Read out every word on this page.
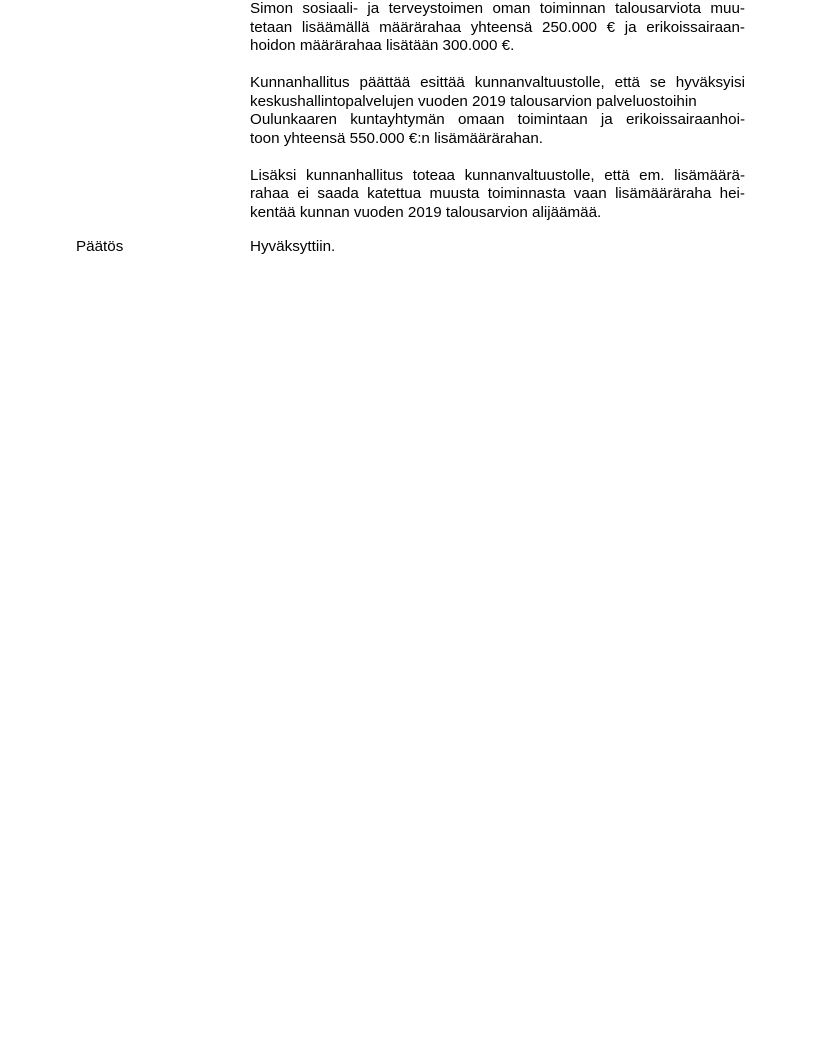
Simon sosiaali- ja terveystoimen oman toiminnan talousarviota muu-
tetaan lisäämällä määrärahaa yhteensä 250.000 € ja erikoissairaan-
hoidon määrärahaa lisätään 300.000 €.
Kunnanhallitus päättää esittää kunnanvaltuustolle, että se hyväksyisi
keskushallintopalvelujen vuoden 2019 talousarvion palveluostoihin
Oulunkaaren kuntayhtymän omaan toimintaan ja erikoissairaanhoi-
toon yhteensä 550.000 €:n lisämäärärahan.
Lisäksi kunnanhallitus toteaa kunnanvaltuustolle, että em. lisämäärä-
rahaa ei saada katettua muusta toiminnasta vaan lisämääräraha hei-
kentää kunnan vuoden 2019 talousarvion alijäämää.
Päätös	Hyväksyttiin.
